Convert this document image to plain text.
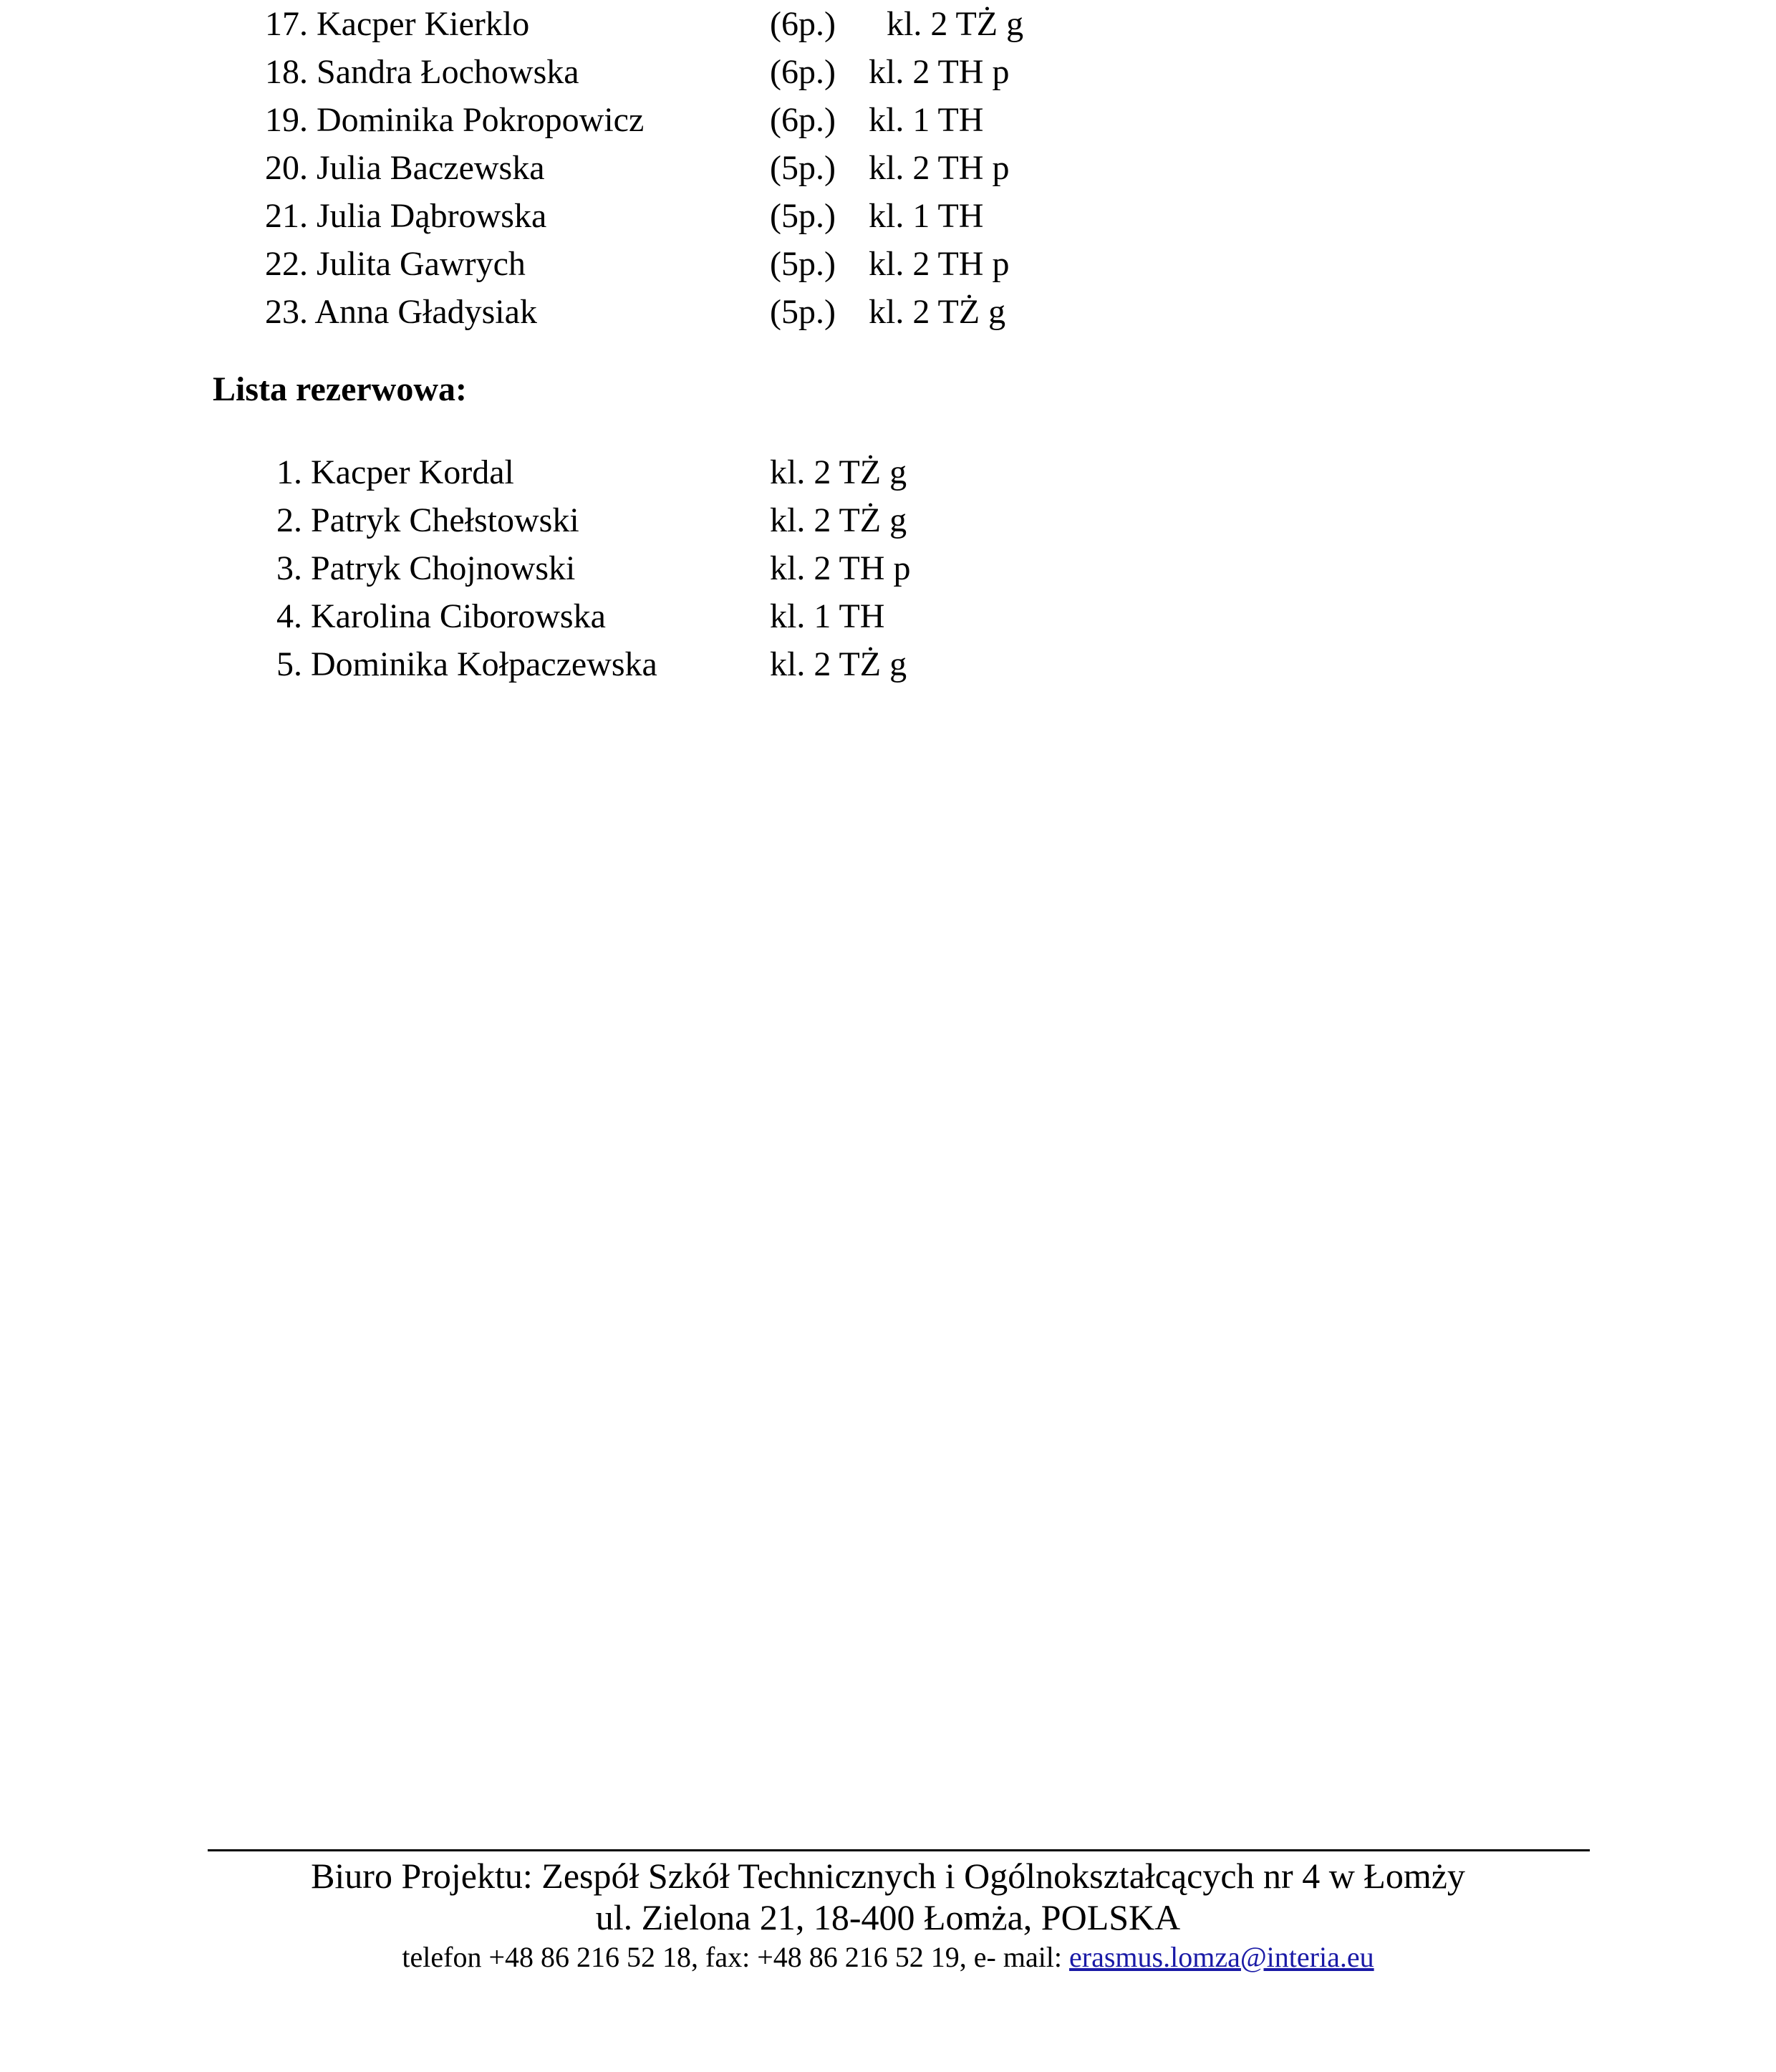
17. Kacper Kierklo	(6p.) kl. 2 TŻ g
18. Sandra Łochowska	(6p.) kl. 2 TH p
19. Dominika Pokropowicz	(6p.) kl. 1 TH
20. Julia Baczewska	(5p.) kl. 2 TH p
21. Julia Dąbrowska	(5p.) kl. 1 TH
22. Julita Gawrych	(5p.) kl. 2 TH p
23. Anna Gładysiak	(5p.) kl. 2 TŻ g
Lista rezerwowa:
1. Kacper Kordal	kl. 2 TŻ g
2. Patryk Chełstowski	kl. 2 TŻ g
3. Patryk Chojnowski	kl. 2 TH p
4. Karolina Ciborowska	kl. 1 TH
5. Dominika Kołpaczewska	kl. 2 TŻ g
Biuro Projektu: Zespół Szkół Technicznych i Ogólnokształcących nr 4 w Łomży
ul. Zielona 21, 18-400 Łomża, POLSKA
telefon +48 86 216 52 18, fax: +48 86 216 52 19, e- mail: erasmus.lomza@interia.eu
